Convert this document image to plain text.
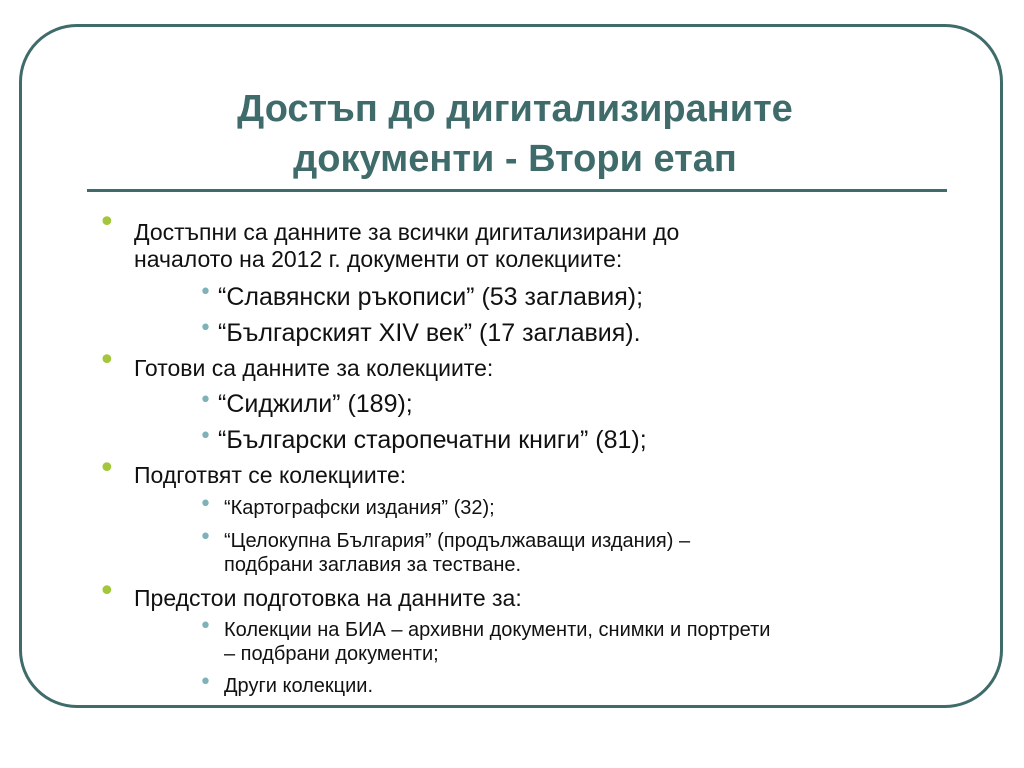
Достъп до дигитализираните
документи - Втори етап
• Достъпни са данните за всички дигитализирани до
началото на 2012 г. документи от колекциите:
• “Славянски ръкописи” (53 заглавия);
• “Българският XIV век” (17 заглавия).
• Готови са данните за колекциите:
• “Сиджили” (189);
• “Български старопечатни книги” (81);
• Подготвят се колекциите:
• “Картографски издания” (32);
• “Целокупна България” (продължаващи издания) –
подбрани заглавия за тестване.
• Предстои подготовка на данните за:
• Колекции на БИА – архивни документи, снимки и портрети
– подбрани документи;
• Други колекции.
